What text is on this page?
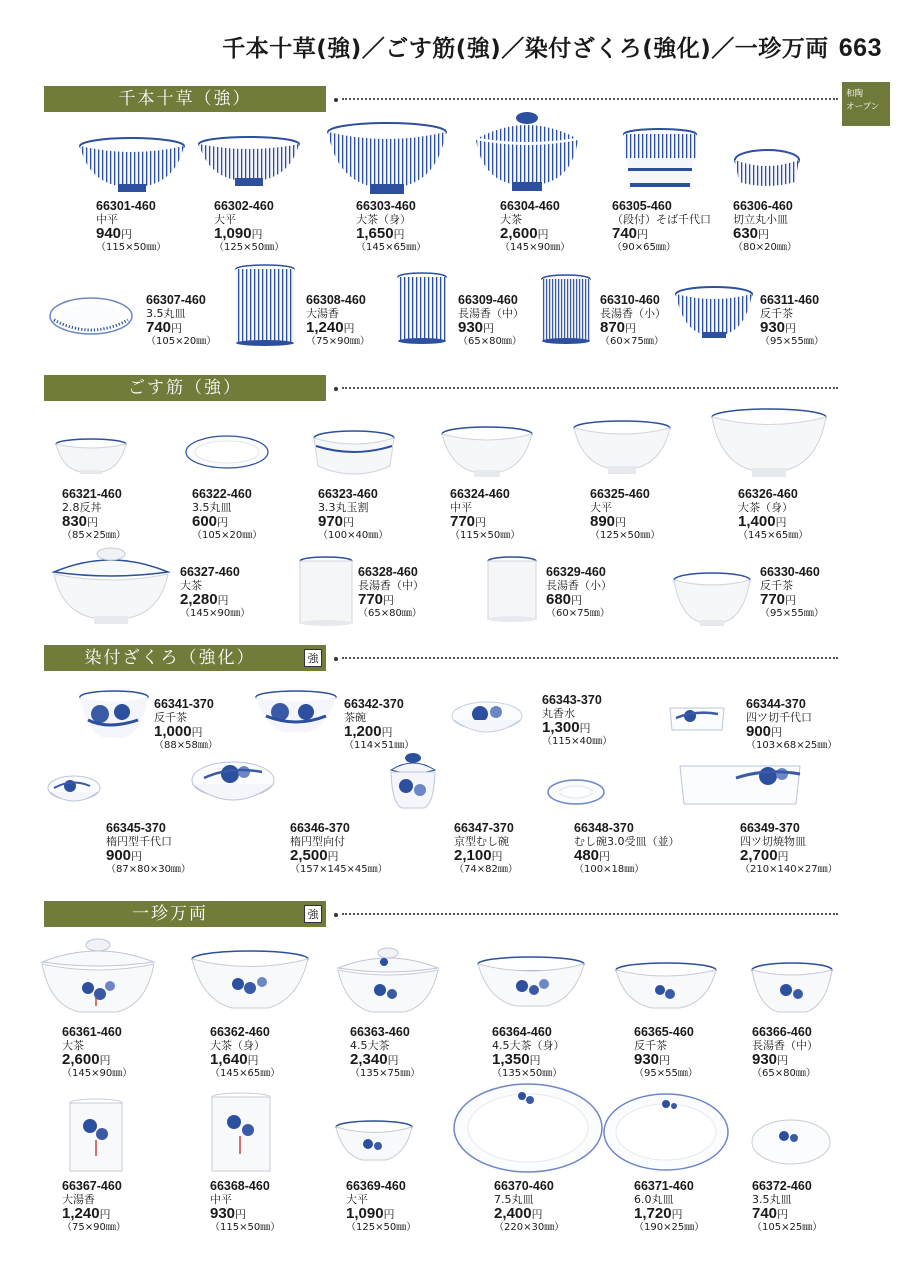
千本十草(強)／ごす筋(強)／染付ざくろ(強化)／一珍万両 663
和陶
オープン
千本十草（強）
ごす筋（強）
染付ざくろ（強化）	強
一珍万両	強
66301-460
中平
940円
（115×50㎜）
66302-460
大平
1,090円
（125×50㎜）
66303-460
大茶（身）
1,650円
（145×65㎜）
66304-460
大茶
2,600円
（145×90㎜）
66305-460
（段付）そば千代口
740円
（90×65㎜）
66306-460
切立丸小皿
630円
（80×20㎜）
66307-460
3.5丸皿
740円
（105×20㎜）
66308-460
大湯香
1,240円
（75×90㎜）
66309-460
長湯香（中）
930円
（65×80㎜）
66310-460
長湯香（小）
870円
（60×75㎜）
66311-460
反千茶
930円
（95×55㎜）
66321-460
2.8反丼
830円
（85×25㎜）
66322-460
3.5丸皿
600円
（105×20㎜）
66323-460
3.3丸玉割
970円
（100×40㎜）
66324-460
中平
770円
（115×50㎜）
66325-460
大平
890円
（125×50㎜）
66326-460
大茶（身）
1,400円
（145×65㎜）
66327-460
大茶
2,280円
（145×90㎜）
66328-460
長湯香（中）
770円
（65×80㎜）
66329-460
長湯香（小）
680円
（60×75㎜）
66330-460
反千茶
770円
（95×55㎜）
66341-370
反千茶
1,000円
（88×58㎜）
66342-370
茶碗
1,200円
（114×51㎜）
66343-370
丸香水
1,300円
（115×40㎜）
66344-370
四ツ切千代口
900円
（103×68×25㎜）
66345-370
楕円型千代口
900円
（87×80×30㎜）
66346-370
楕円型向付
2,500円
（157×145×45㎜）
66347-370
京型むし碗
2,100円
（74×82㎜）
66348-370
むし碗3.0受皿（並）
480円
（100×18㎜）
66349-370
四ツ切焼物皿
2,700円
（210×140×27㎜）
66361-460
大茶
2,600円
（145×90㎜）
66362-460
大茶（身）
1,640円
（145×65㎜）
66363-460
4.5大茶
2,340円
（135×75㎜）
66364-460
4.5大茶（身）
1,350円
（135×50㎜）
66365-460
反千茶
930円
（95×55㎜）
66366-460
長湯香（中）
930円
（65×80㎜）
66367-460
大湯香
1,240円
（75×90㎜）
66368-460
中平
930円
（115×50㎜）
66369-460
大平
1,090円
（125×50㎜）
66370-460
7.5丸皿
2,400円
（220×30㎜）
66371-460
6.0丸皿
1,720円
（190×25㎜）
66372-460
3.5丸皿
740円
（105×25㎜）
